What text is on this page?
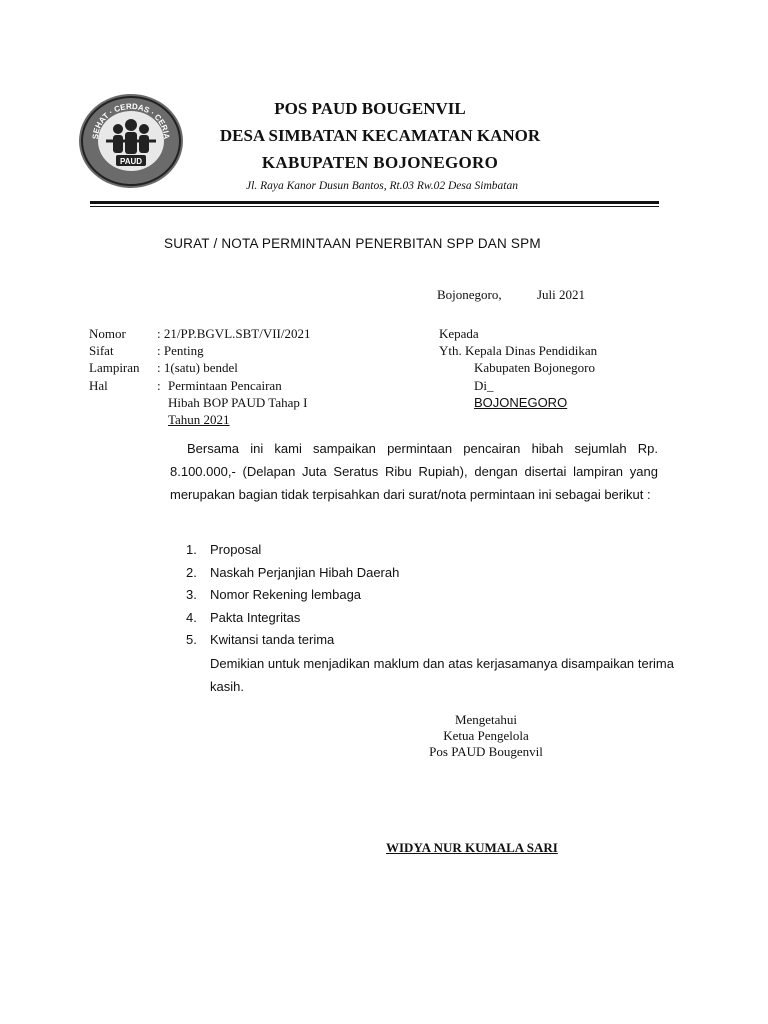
SEHAT · CERDAS · CERIA
PAUD
POS PAUD BOUGENVIL
DESA SIMBATAN KECAMATAN KANOR
KABUPATEN BOJONEGORO
Jl. Raya Kanor Dusun Bantos, Rt.03 Rw.02 Desa Simbatan
SURAT / NOTA PERMINTAAN PENERBITAN SPP DAN SPM
Bojonegoro,	Juli 2021
Nomor : 21/PP.BGVL.SBT/VII/2021
Sifat	: Penting
Lampiran : 1(satu) bendel
Hal	: Permintaan Pencairan
Hibah BOP PAUD Tahap I
Tahun 2021
Kepada
Yth. Kepala Dinas Pendidikan
Kabupaten Bojonegoro
Di_
BOJONEGORO
Bersama ini kami sampaikan permintaan pencairan hibah sejumlah Rp. 8.100.000,- (Delapan Juta Seratus Ribu Rupiah), dengan disertai lampiran yang merupakan bagian tidak terpisahkan dari surat/nota permintaan ini sebagai berikut :
1.	Proposal
2.	Naskah Perjanjian Hibah Daerah
3.	Nomor Rekening lembaga
4.	Pakta Integritas
5.	Kwitansi tanda terima
Demikian untuk menjadikan maklum dan atas kerjasamanya disampaikan terima kasih.
Mengetahui
Ketua Pengelola
Pos PAUD Bougenvil
WIDYA NUR KUMALA SARI
